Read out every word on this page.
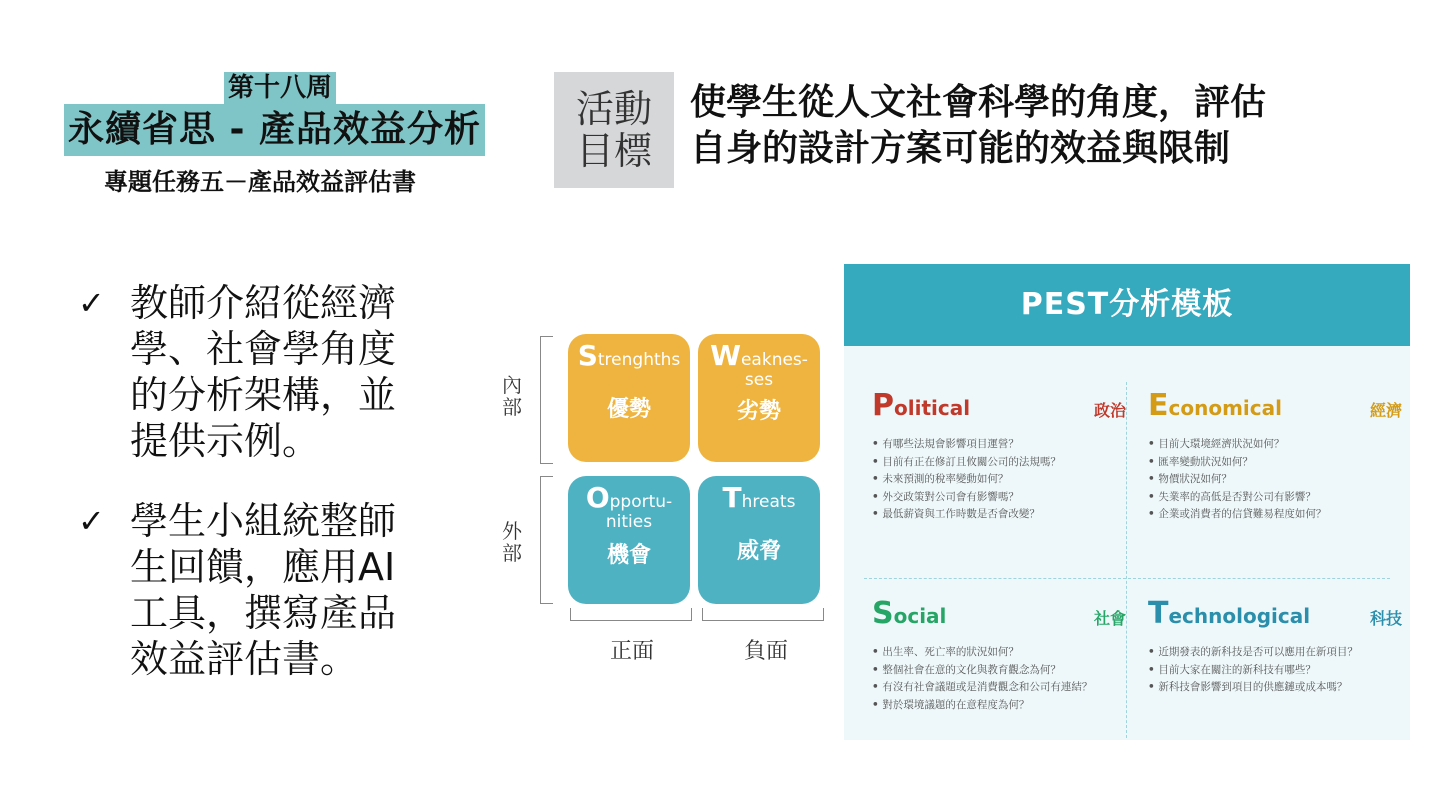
第十八周
永續省思 - 產品效益分析
專題任務五－產品效益評估書
活動
目標
使學生從人文社會科學的角度，評估
自身的設計方案可能的效益與限制
✓ 教師介紹從經濟學、社會學角度的分析架構，並提供示例。
✓ 學生小組統整師生回饋，應用AI工具，撰寫產品效益評估書。
內部
外部
Strenghths
優勢
Weaknes-
ses
劣勢
Opportu-
nities
機會
Threats
威脅
正面	負面
PEST分析模板
Political	政治
• 有哪些法規會影響項目運營？
• 目前有正在修訂且攸關公司的法規嗎？
• 未來預測的稅率變動如何？
• 外交政策對公司會有影響嗎？
• 最低薪資與工作時數是否會改變？
Economical	經濟
• 目前大環境經濟狀況如何？
• 匯率變動狀況如何？
• 物價狀況如何？
• 失業率的高低是否對公司有影響？
• 企業或消費者的信貸難易程度如何？
Social	社會
• 出生率、死亡率的狀況如何？
• 整個社會在意的文化與教育觀念為何？
• 有沒有社會議題或是消費觀念和公司有連結？
• 對於環境議題的在意程度為何？
Technological	科技
• 近期發表的新科技是否可以應用在新項目？
• 目前大家在關注的新科技有哪些？
• 新科技會影響到項目的供應鏈或成本嗎？
